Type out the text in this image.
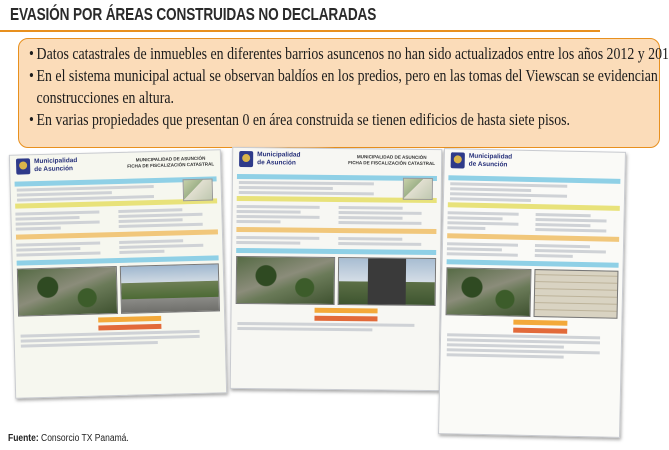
EVASIÓN POR ÁREAS CONSTRUIDAS NO DECLARADAS
• Datos catastrales de inmuebles en diferentes barrios asuncenos no han sido actualizados entre los años 2012 y 201
• En el sistema municipal actual se observan baldíos en los predios, pero en las tomas del Viewscan se evidencian
construcciones en altura.
• En varias propiedades que presentan 0 en área construida se tienen edificios de hasta siete pisos.
Municipalidad
de Asunción
MUNICIPALIDAD DE ASUNCIÓN
FICHA DE FISCALIZACIÓN CATASTRAL
Municipalidad
de Asunción
MUNICIPALIDAD DE ASUNCIÓN
FICHA DE FISCALIZACIÓN CATASTRAL
Municipalidad
de Asunción

Fuente: Consorcio TX Panamá.
